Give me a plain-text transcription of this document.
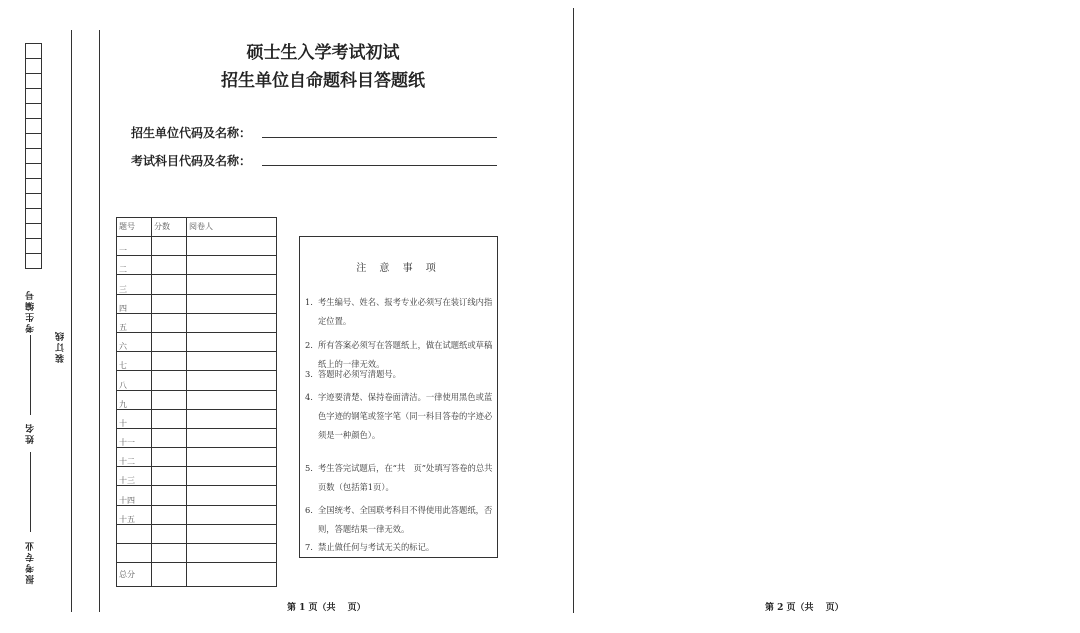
考生编号
姓名
报考专业
装订线
硕士生入学考试初试
招生单位自命题科目答题纸
招生单位代码及名称：
考试科目代码及名称：
题号	分数	阅卷人
一		
二		
三		
四		
五		
六		
七		
八		
九		
十		
十一		
十二		
十三		
十四		
十五		

总分		
注 意 事 项
1. 考生编号、姓名、报考专业必须写在装订线内指定位置。
2. 所有答案必须写在答题纸上，做在试题纸或草稿纸上的一律无效。
3. 答题时必须写清题号。
4. 字迹要清楚、保持卷面清洁。一律使用黑色或蓝色字迹的钢笔或签字笔（同一科目答卷的字迹必须是一种颜色）。
5. 考生答完试题后，在“共　页”处填写答卷的总共页数（包括第1页）。
6. 全国统考、全国联考科目不得使用此答题纸，否则，答题结果一律无效。
7. 禁止做任何与考试无关的标记。
第 1 页（共　 页）	第 2 页（共　 页）
